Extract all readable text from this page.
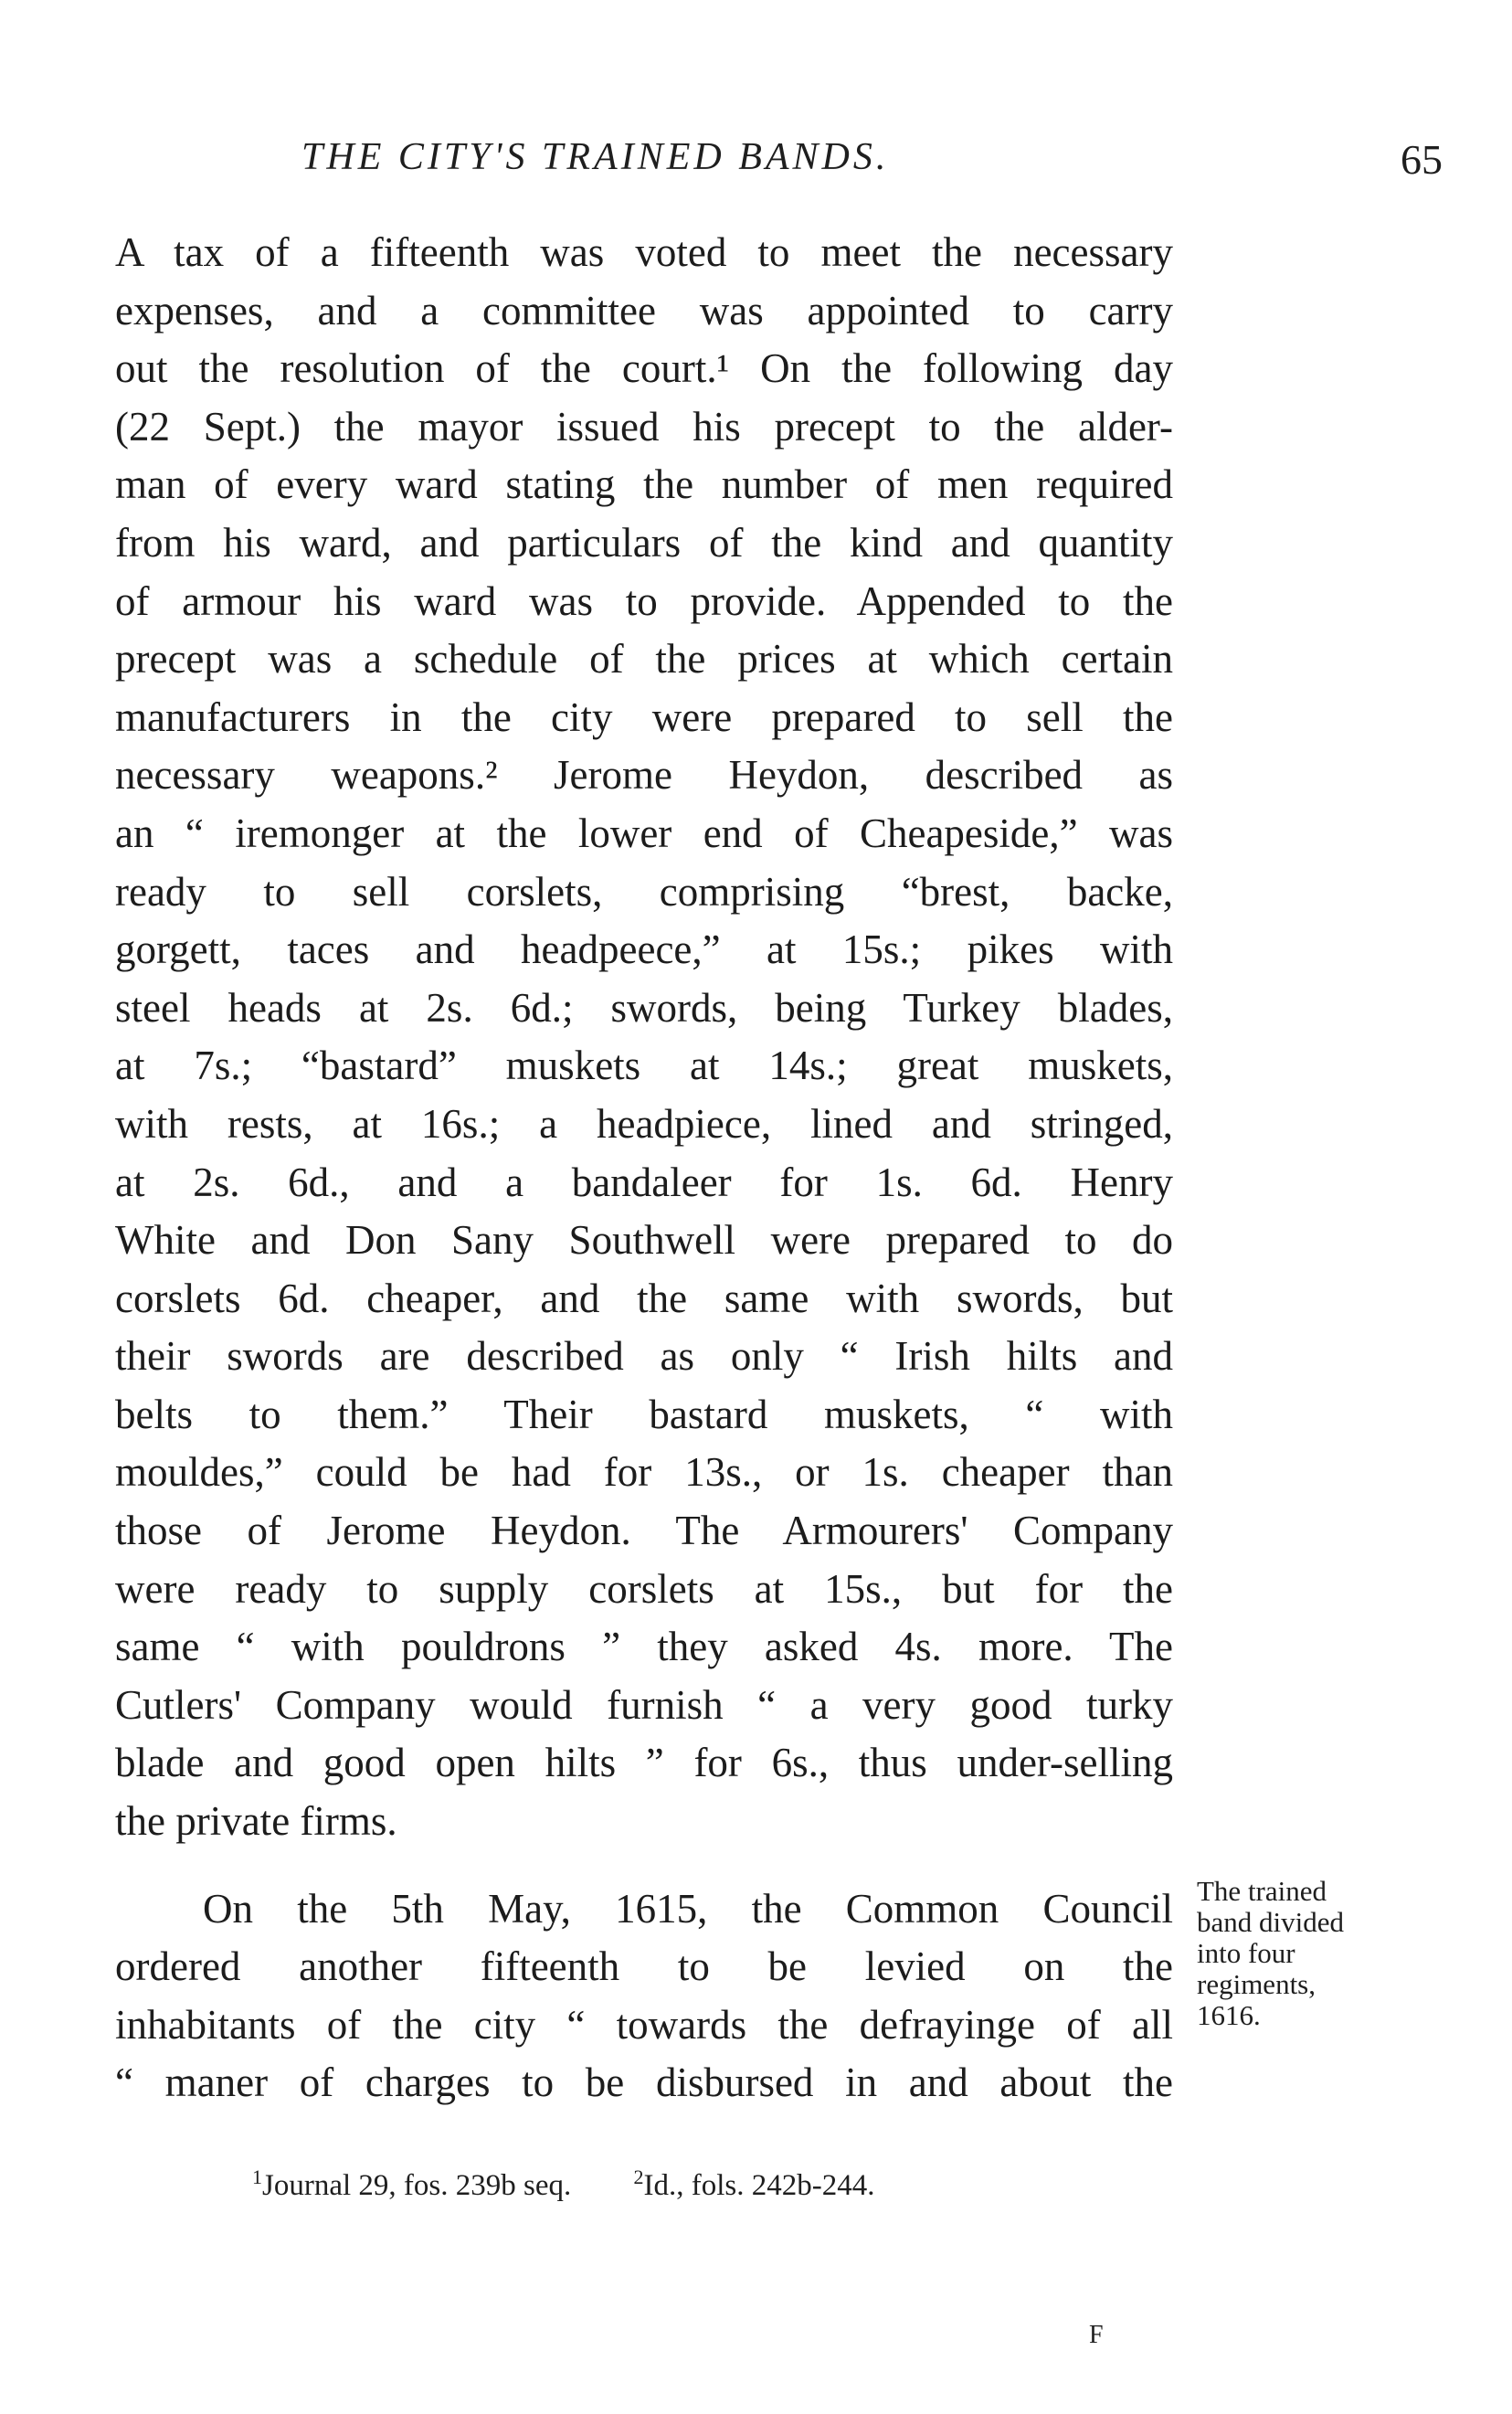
THE CITY'S TRAINED BANDS.	65
A tax of a fifteenth was voted to meet the necessary
expenses, and a committee was appointed to carry
out the resolution of the court.¹ On the following day
(22 Sept.) the mayor issued his precept to the alder-
man of every ward stating the number of men required
from his ward, and particulars of the kind and quantity
of armour his ward was to provide. Appended to the
precept was a schedule of the prices at which certain
manufacturers in the city were prepared to sell the
necessary weapons.² Jerome Heydon, described as
an “ iremonger at the lower end of Cheapeside,” was
ready to sell corslets, comprising “brest, backe,
gorgett, taces and headpeece,” at 15s.; pikes with
steel heads at 2s. 6d.; swords, being Turkey blades,
at 7s.; “bastard” muskets at 14s.; great muskets,
with rests, at 16s.; a headpiece, lined and stringed,
at 2s. 6d., and a bandaleer for 1s. 6d. Henry
White and Don Sany Southwell were prepared to do
corslets 6d. cheaper, and the same with swords, but
their swords are described as only “ Irish hilts and
belts to them.” Their bastard muskets, “ with
mouldes,” could be had for 13s., or 1s. cheaper than
those of Jerome Heydon. The Armourers' Company
were ready to supply corslets at 15s., but for the
same “ with pouldrons ” they asked 4s. more. The
Cutlers' Company would furnish “ a very good turky
blade and good open hilts ” for 6s., thus under-selling
the private firms.
On the 5th May, 1615, the Common Council
ordered another fifteenth to be levied on the
inhabitants of the city “ towards the defrayinge of all
“ maner of charges to be disbursed in and about the
The trained
band divided
into four
regiments,
1616.
$^1$Journal 29, fos. 239b seq.	$^2$Id., fols. 242b-244.
F
